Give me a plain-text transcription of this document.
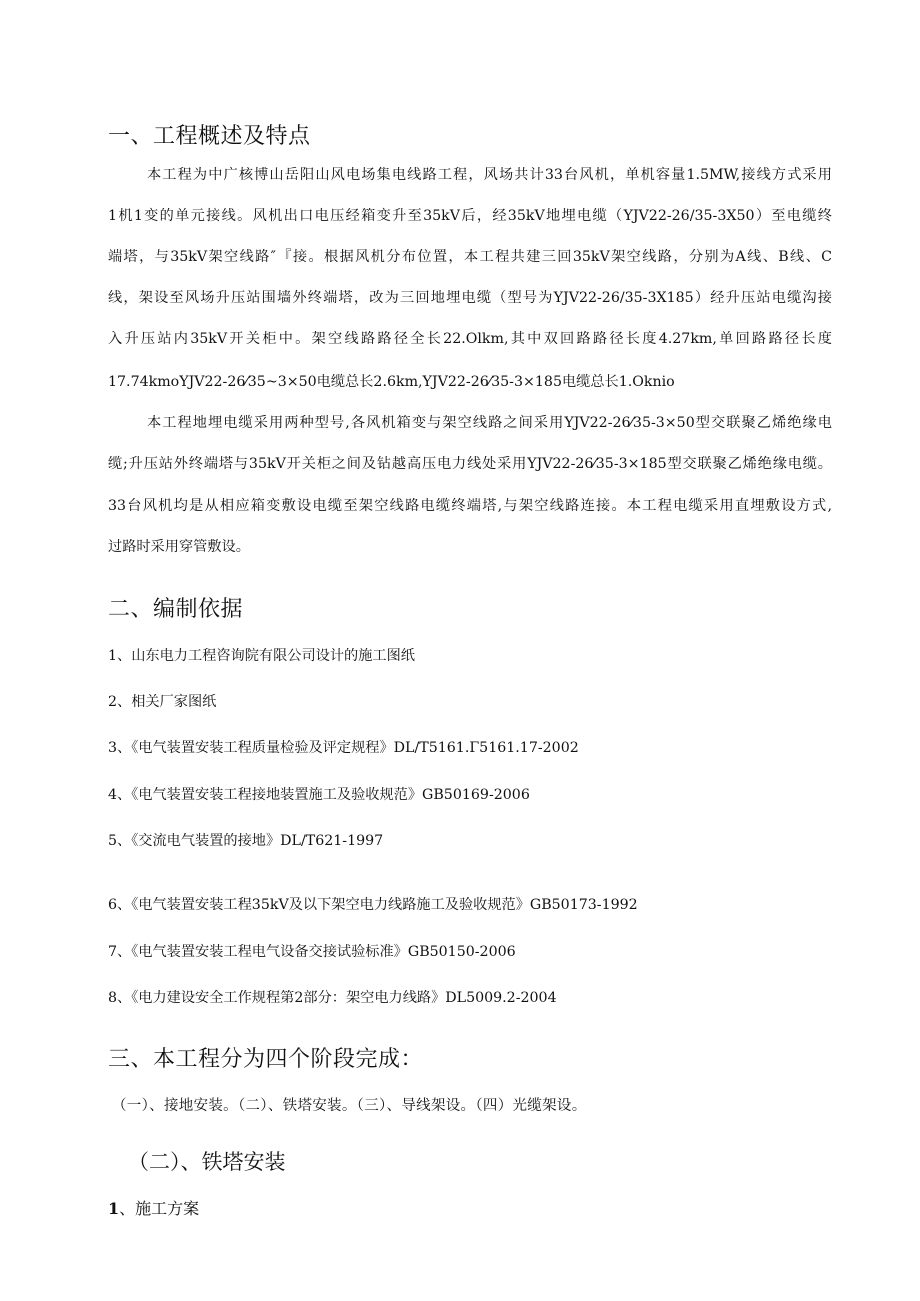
一、工程概述及特点
本工程为中广核博山岳阳山风电场集电线路工程，风场共计33台风机，单机容量1.5MW,接线方式采用
1机1变的单元接线。风机出口电压经箱变升至35kV后，经35kV地埋电缆（YJV22-26/35-3X50）至电缆终
端塔，与35kV架空线路″『接。根据风机分布位置，本工程共建三回35kV架空线路，分别为A线、B线、C
线，架设至风场升压站围墙外终端塔，改为三回地埋电缆（型号为YJV22-26/35-3X185）经升压站电缆沟接
入升压站内35kV开关柜中。架空线路路径全长22.Olkm,其中双回路路径长度4.27km,单回路路径长度
17.74kmoYJV22-26⁄35~3×50电缆总长2.6km,YJV22-26⁄35-3×185电缆总长1.Oknio
本工程地埋电缆采用两种型号,各风机箱变与架空线路之间采用YJV22-26⁄35-3×50型交联聚乙烯绝缘电
缆;升压站外终端塔与35kV开关柜之间及钻越高压电力线处采用YJV22-26⁄35-3×185型交联聚乙烯绝缘电缆。
33台风机均是从相应箱变敷设电缆至架空线路电缆终端塔,与架空线路连接。本工程电缆采用直埋敷设方式,
过路时采用穿管敷设。
二、编制依据
1、山东电力工程咨询院有限公司设计的施工图纸
2、相关厂家图纸
3、《电气装置安装工程质量检验及评定规程》DL/T5161.Γ5161.17-2002
4、《电气装置安装工程接地装置施工及验收规范》GB50169-2006
5、《交流电气装置的接地》DL/T621-1997
6、《电气装置安装工程35kV及以下架空电力线路施工及验收规范》GB50173-1992
7、《电气装置安装工程电气设备交接试验标准》GB50150-2006
8、《电力建设安全工作规程第2部分：架空电力线路》DL5009.2-2004
三、本工程分为四个阶段完成：
（一）、接地安装。（二）、铁塔安装。（三）、导线架设。（四）光缆架设。
（二）、铁塔安装
1、施工方案
